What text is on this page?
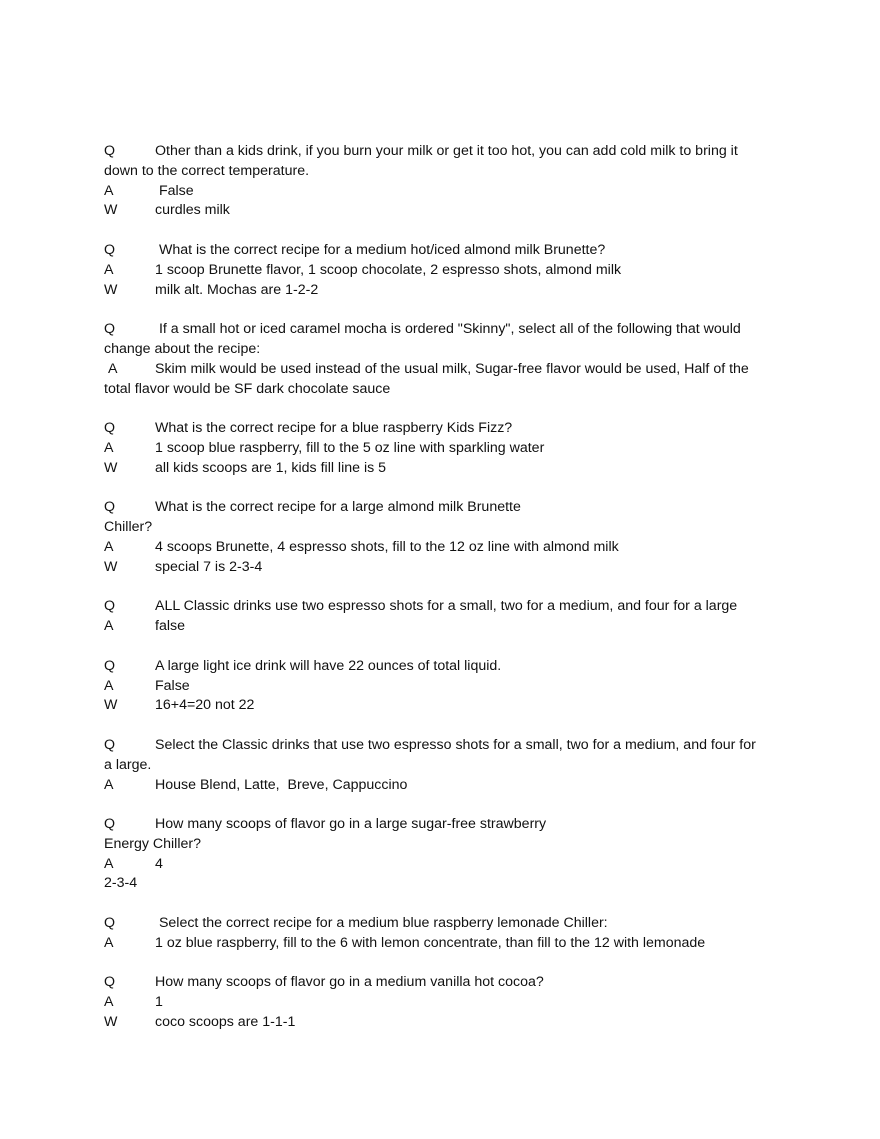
Q	Other than a kids drink, if you burn your milk or get it too hot, you can add cold milk to bring it
down to the correct temperature.
A	False
W	curdles milk
Q	What is the correct recipe for a medium hot/iced almond milk Brunette?
A	1 scoop Brunette flavor, 1 scoop chocolate, 2 espresso shots, almond milk
W	milk alt. Mochas are 1-2-2
Q	If a small hot or iced caramel mocha is ordered "Skinny", select all of the following that would
change about the recipe:
A	Skim milk would be used instead of the usual milk, Sugar-free flavor would be used, Half of the
total flavor would be SF dark chocolate sauce
Q	What is the correct recipe for a blue raspberry Kids Fizz?
A	1 scoop blue raspberry, fill to the 5 oz line with sparkling water
W	all kids scoops are 1, kids fill line is 5
Q	What is the correct recipe for a large almond milk Brunette
Chiller?
A	4 scoops Brunette, 4 espresso shots, fill to the 12 oz line with almond milk
W	special 7 is 2-3-4
Q	ALL Classic drinks use two espresso shots for a small, two for a medium, and four for a large
A	false
Q	A large light ice drink will have 22 ounces of total liquid.
A	False
W	16+4=20 not 22
Q	Select the Classic drinks that use two espresso shots for a small, two for a medium, and four for
a large.
A	House Blend, Latte,  Breve, Cappuccino
Q	How many scoops of flavor go in a large sugar-free strawberry
Energy Chiller?
A	4
2-3-4
Q	Select the correct recipe for a medium blue raspberry lemonade Chiller:
A	1 oz blue raspberry, fill to the 6 with lemon concentrate, than fill to the 12 with lemonade
Q	How many scoops of flavor go in a medium vanilla hot cocoa?
A	1
W	coco scoops are 1-1-1
